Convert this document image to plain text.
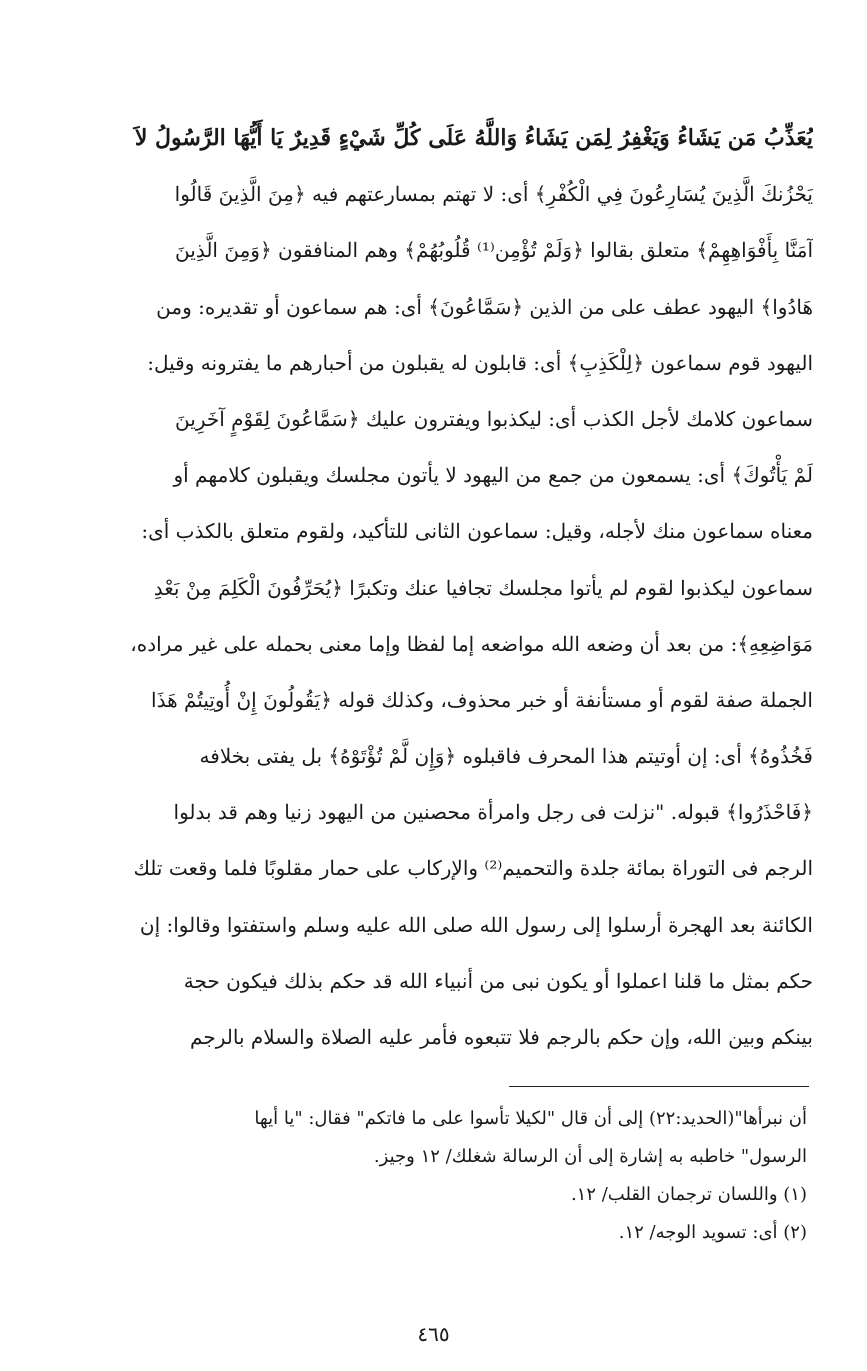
يُعَذِّبُ مَن يَشَاءُ وَيَغْفِرُ لِمَن يَشَاءُ وَاللَّهُ عَلَى كُلِّ شَيْءٍ قَدِيرٌ يَا أَيُّهَا الرَّسُولُ لاَ
يَحْزُنكَ الَّذِينَ يُسَارِعُونَ فِي الْكُفْرِ﴾ أى: لا تهتم بمسارعتهم فيه ﴿مِنَ الَّذِينَ قَالُوا
آمَنَّا بِأَفْوَاهِهِمْ﴾ متعلق بقالوا ﴿وَلَمْ تُؤْمِن⁽¹⁾ قُلُوبُهُمْ﴾ وهم المنافقون ﴿وَمِنَ الَّذِينَ
هَادُوا﴾ اليهود عطف على من الذين ﴿سَمَّاعُونَ﴾ أى: هم سماعون أو تقديره: ومن
اليهود قوم سماعون ﴿لِلْكَذِبِ﴾ أى: قابلون له يقبلون من أحبارهم ما يفترونه وقيل:
سماعون كلامك لأجل الكذب أى: ليكذبوا ويفترون عليك ﴿سَمَّاعُونَ لِقَوْمٍ آخَرِينَ
لَمْ يَأْتُوكَ﴾ أى: يسمعون من جمع من اليهود لا يأتون مجلسك ويقبلون كلامهم أو
معناه سماعون منك لأجله، وقيل: سماعون الثانى للتأكيد، ولقوم متعلق بالكذب أى:
سماعون ليكذبوا لقوم لم يأتوا مجلسك تجافيا عنك وتكبرًا ﴿يُحَرِّفُونَ الْكَلِمَ مِنْ بَعْدِ
مَوَاضِعِهِ﴾: من بعد أن وضعه الله مواضعه إما لفظا وإما معنى بحمله على غير مراده،
الجملة صفة لقوم أو مستأنفة أو خبر محذوف، وكذلك قوله ﴿يَقُولُونَ إِنْ أُوتِيتُمْ هَذَا
فَخُذُوهُ﴾ أى: إن أوتيتم هذا المحرف فاقبلوه ﴿وَإِن لَّمْ تُؤْتَوْهُ﴾ بل يفتى بخلافه
﴿فَاحْذَرُوا﴾ قبوله. "نزلت فى رجل وامرأة محصنين من اليهود زنيا وهم قد بدلوا
الرجم فى التوراة بمائة جلدة والتحميم⁽²⁾ والإركاب على حمار مقلوبًا فلما وقعت تلك
الكائنة بعد الهجرة أرسلوا إلى رسول الله صلى الله عليه وسلم واستفتوا وقالوا: إن
حكم بمثل ما قلنا اعملوا أو يكون نبى من أنبياء الله قد حكم بذلك فيكون حجة
بينكم وبين الله، وإن حكم بالرجم فلا تتبعوه فأمر عليه الصلاة والسلام بالرجم
أن نبرأها"(الحديد:٢٢) إلى أن قال "لكيلا تأسوا على ما فاتكم" فقال: "يا أيها
الرسول" خاطبه به إشارة إلى أن الرسالة شغلك/ ١٢ وجيز.
(١) واللسان ترجمان القلب/ ١٢.
(٢) أى: تسويد الوجه/ ١٢.
٤٦٥
